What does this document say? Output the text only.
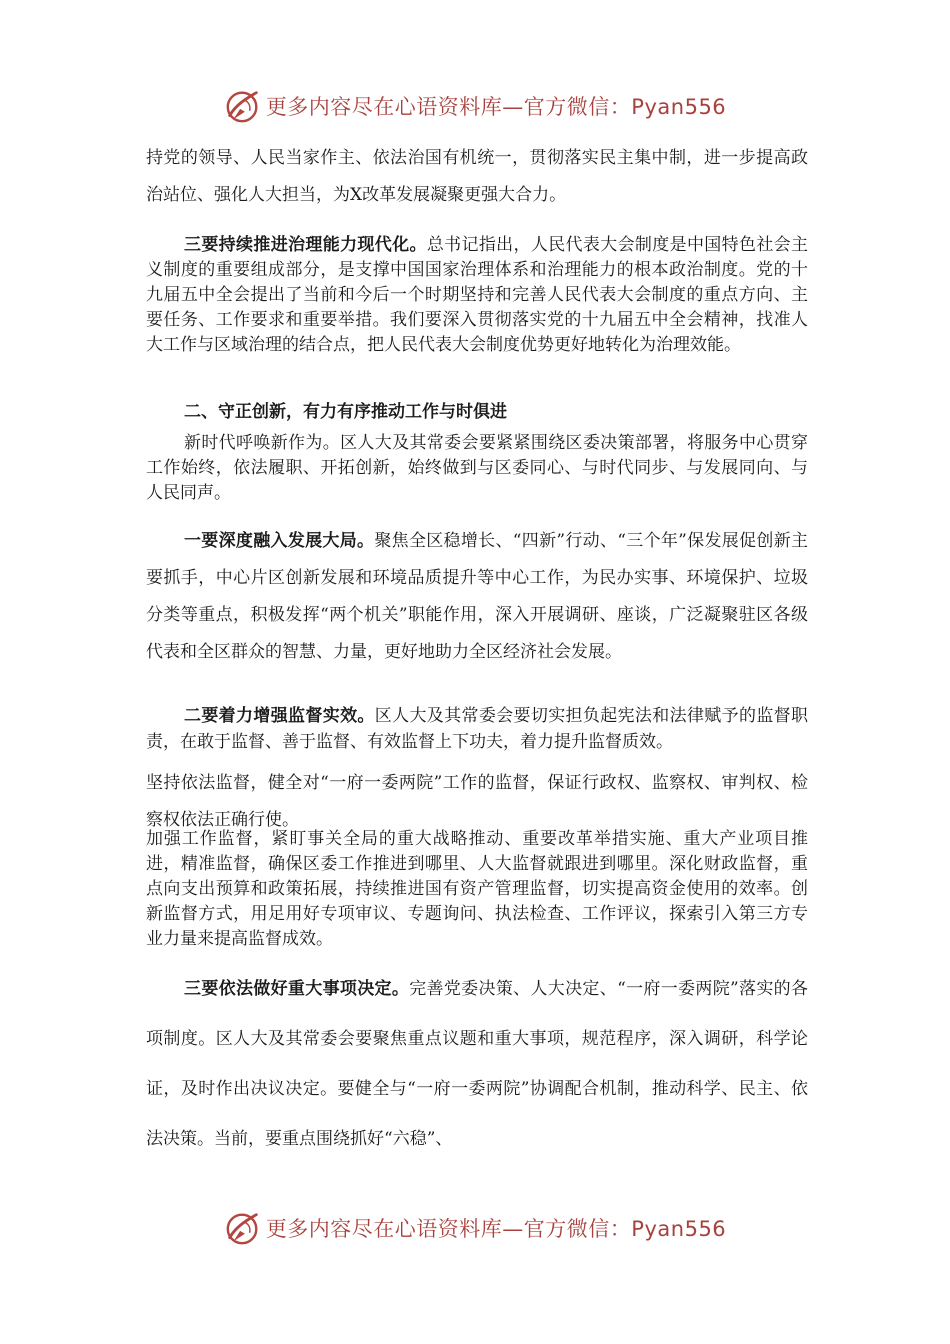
更多内容尽在心语资料库—官方微信：Pyan556

持党的领导、人民当家作主、依法治国有机统一，贯彻落实民主集中制，进一步提高政治站位、强化人大担当，为X改革发展凝聚更强大合力。

三要持续推进治理能力现代化。总书记指出，人民代表大会制度是中国特色社会主义制度的重要组成部分，是支撑中国国家治理体系和治理能力的根本政治制度。党的十九届五中全会提出了当前和今后一个时期坚持和完善人民代表大会制度的重点方向、主要任务、工作要求和重要举措。我们要深入贯彻落实党的十九届五中全会精神，找准人大工作与区域治理的结合点，把人民代表大会制度优势更好地转化为治理效能。

二、守正创新，有力有序推动工作与时俱进

新时代呼唤新作为。区人大及其常委会要紧紧围绕区委决策部署，将服务中心贯穿工作始终，依法履职、开拓创新，始终做到与区委同心、与时代同步、与发展同向、与人民同声。

一要深度融入发展大局。聚焦全区稳增长、“四新”行动、“三个年”保发展促创新主要抓手，中心片区创新发展和环境品质提升等中心工作，为民办实事、环境保护、垃圾分类等重点，积极发挥“两个机关”职能作用，深入开展调研、座谈，广泛凝聚驻区各级代表和全区群众的智慧、力量，更好地助力全区经济社会发展。

二要着力增强监督实效。区人大及其常委会要切实担负起宪法和法律赋予的监督职责，在敢于监督、善于监督、有效监督上下功夫，着力提升监督质效。

坚持依法监督，健全对“一府一委两院”工作的监督，保证行政权、监察权、审判权、检察权依法正确行使。

加强工作监督，紧盯事关全局的重大战略推动、重要改革举措实施、重大产业项目推进，精准监督，确保区委工作推进到哪里、人大监督就跟进到哪里。深化财政监督，重点向支出预算和政策拓展，持续推进国有资产管理监督，切实提高资金使用的效率。创新监督方式，用足用好专项审议、专题询问、执法检查、工作评议，探索引入第三方专业力量来提高监督成效。

三要依法做好重大事项决定。完善党委决策、人大决定、“一府一委两院”落实的各项制度。区人大及其常委会要聚焦重点议题和重大事项，规范程序，深入调研，科学论证，及时作出决议决定。要健全与“一府一委两院”协调配合机制，推动科学、民主、依法决策。当前，要重点围绕抓好“六稳”、

更多内容尽在心语资料库—官方微信：Pyan556
